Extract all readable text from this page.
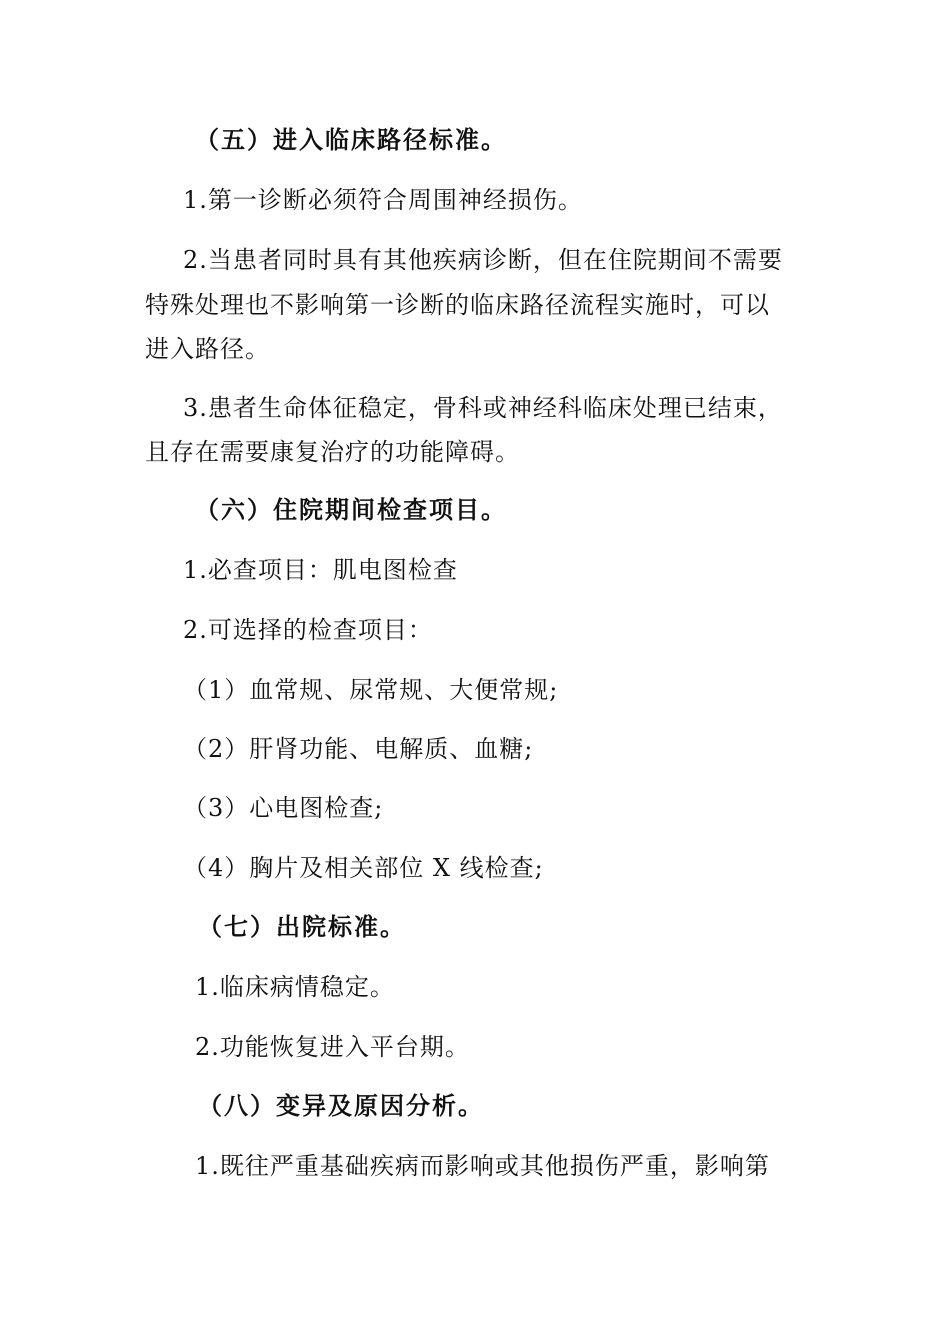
（五）进入临床路径标准。
1.第一诊断必须符合周围神经损伤。
2.当患者同时具有其他疾病诊断，但在住院期间不需要
特殊处理也不影响第一诊断的临床路径流程实施时，可以
进入路径。
3.患者生命体征稳定，骨科或神经科临床处理已结束，
且存在需要康复治疗的功能障碍。
（六）住院期间检查项目。
1.必查项目：肌电图检查
2.可选择的检查项目：
（1）血常规、尿常规、大便常规;
（2）肝肾功能、电解质、血糖;
（3）心电图检查;
（4）胸片及相关部位 X 线检查;
（七）出院标准。
1.临床病情稳定。
2.功能恢复进入平台期。
（八）变异及原因分析。
1.既往严重基础疾病而影响或其他损伤严重，影响第
